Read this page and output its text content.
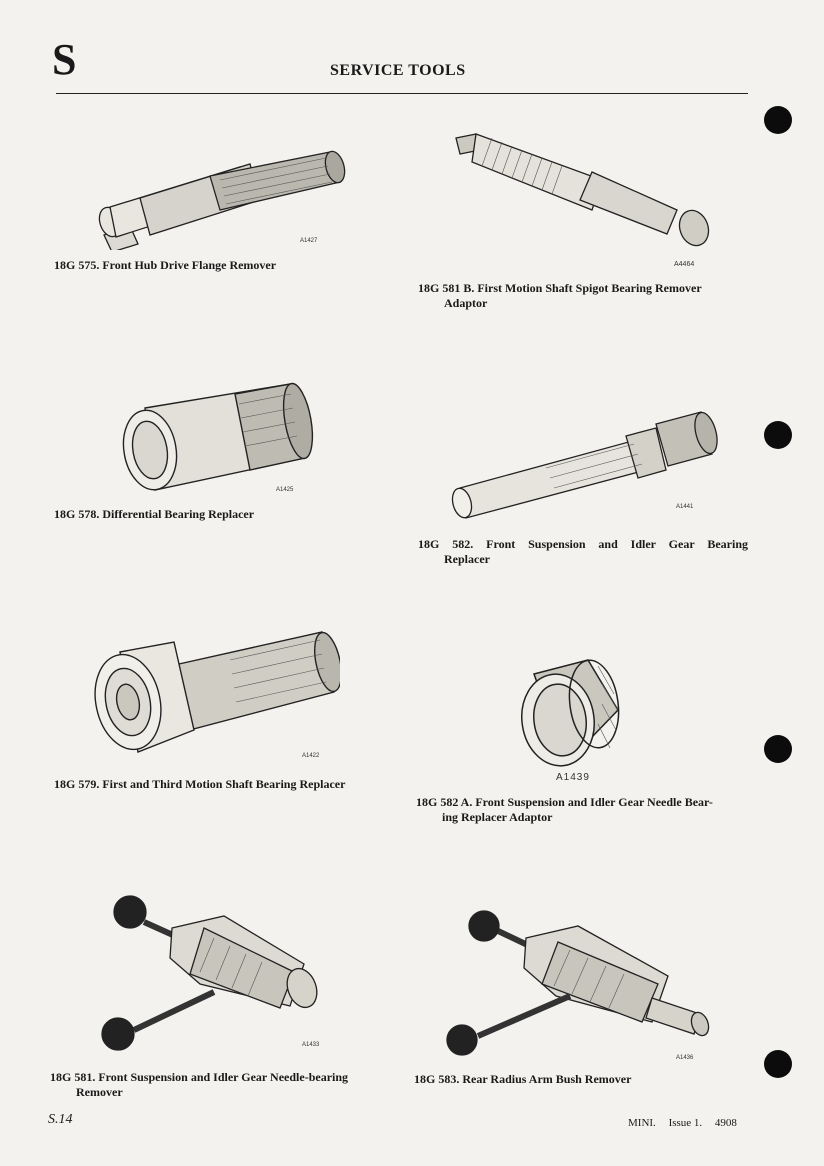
S	SERVICE TOOLS
A1427
18G 575. Front Hub Drive Flange Remover	A4464
18G 581 B. First Motion Shaft Spigot Bearing Remover
Adaptor
A1425
18G 578. Differential Bearing Replacer	A1441
18G 582. Front Suspension and Idler Gear Bearing
Replacer
A1422
18G 579. First and Third Motion Shaft Bearing Replacer	A1439
18G 582 A. Front Suspension and Idler Gear Needle Bear-
ing Replacer Adaptor
A1433
18G 581. Front Suspension and Idler Gear Needle-bearing
Remover
A1436
18G 583. Rear Radius Arm Bush Remover
S.14	MINI. Issue 1. 4908
